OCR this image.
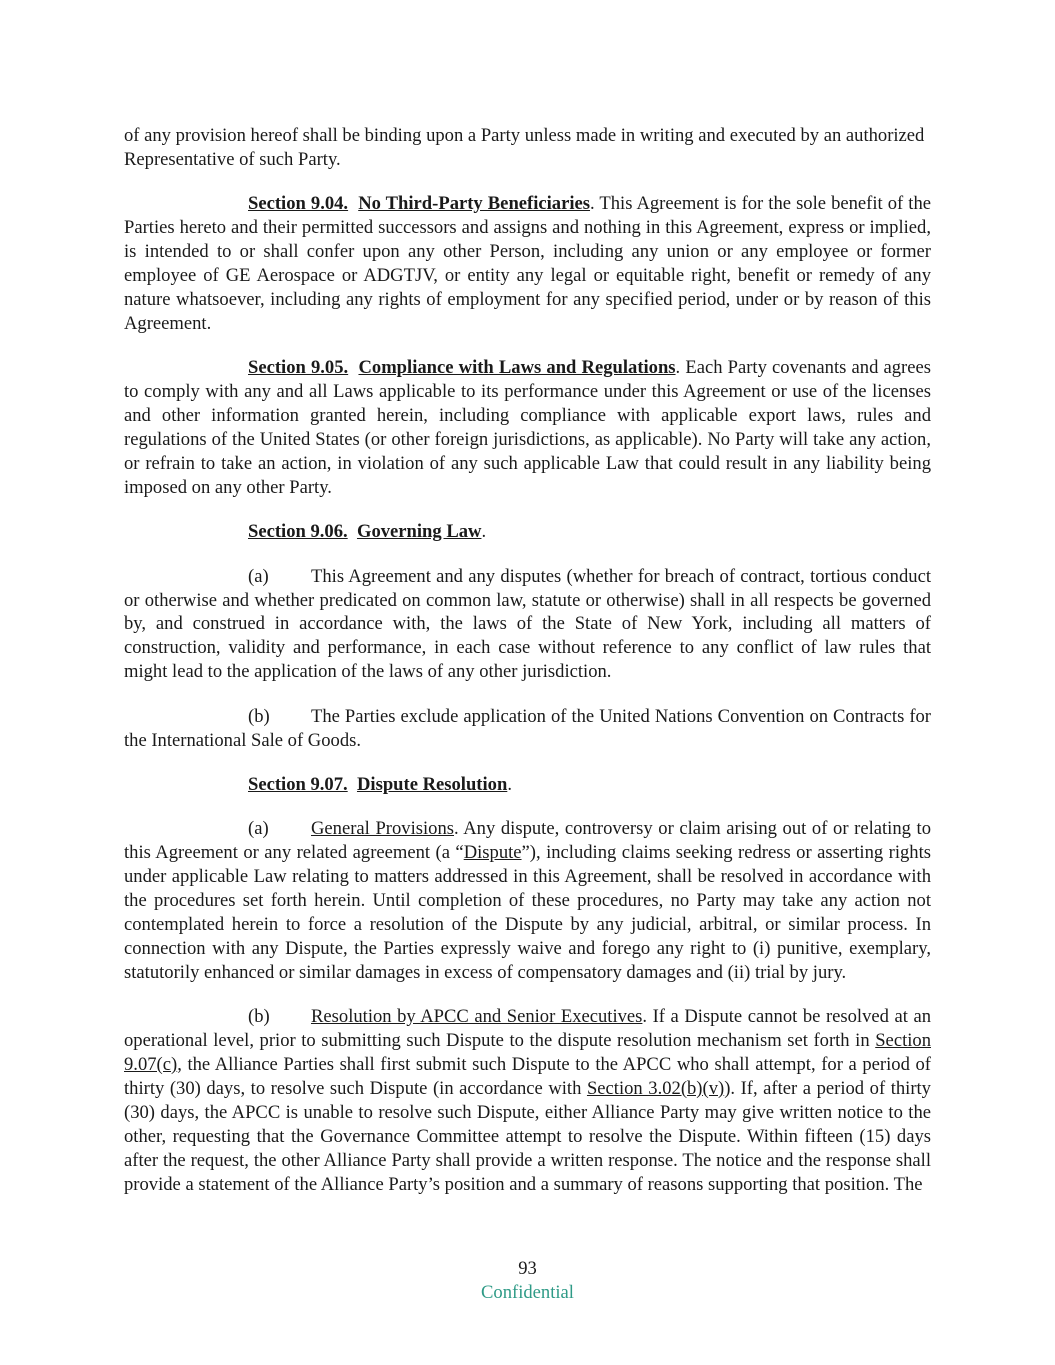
of any provision hereof shall be binding upon a Party unless made in writing and executed by an authorized Representative of such Party.

Section 9.04. No Third-Party Beneficiaries. This Agreement is for the sole benefit of the Parties hereto and their permitted successors and assigns and nothing in this Agreement, express or implied, is intended to or shall confer upon any other Person, including any union or any employee or former employee of GE Aerospace or ADGTJV, or entity any legal or equitable right, benefit or remedy of any nature whatsoever, including any rights of employment for any specified period, under or by reason of this Agreement.

Section 9.05. Compliance with Laws and Regulations. Each Party covenants and agrees to comply with any and all Laws applicable to its performance under this Agreement or use of the licenses and other information granted herein, including compliance with applicable export laws, rules and regulations of the United States (or other foreign jurisdictions, as applicable). No Party will take any action, or refrain to take an action, in violation of any such applicable Law that could result in any liability being imposed on any other Party.

Section 9.06. Governing Law.

(a) This Agreement and any disputes (whether for breach of contract, tortious conduct or otherwise and whether predicated on common law, statute or otherwise) shall in all respects be governed by, and construed in accordance with, the laws of the State of New York, including all matters of construction, validity and performance, in each case without reference to any conflict of law rules that might lead to the application of the laws of any other jurisdiction.

(b) The Parties exclude application of the United Nations Convention on Contracts for the International Sale of Goods.

Section 9.07. Dispute Resolution.

(a) General Provisions. Any dispute, controversy or claim arising out of or relating to this Agreement or any related agreement (a “Dispute”), including claims seeking redress or asserting rights under applicable Law relating to matters addressed in this Agreement, shall be resolved in accordance with the procedures set forth herein. Until completion of these procedures, no Party may take any action not contemplated herein to force a resolution of the Dispute by any judicial, arbitral, or similar process. In connection with any Dispute, the Parties expressly waive and forego any right to (i) punitive, exemplary, statutorily enhanced or similar damages in excess of compensatory damages and (ii) trial by jury.

(b) Resolution by APCC and Senior Executives. If a Dispute cannot be resolved at an operational level, prior to submitting such Dispute to the dispute resolution mechanism set forth in Section 9.07(c), the Alliance Parties shall first submit such Dispute to the APCC who shall attempt, for a period of thirty (30) days, to resolve such Dispute (in accordance with Section 3.02(b)(v)). If, after a period of thirty (30) days, the APCC is unable to resolve such Dispute, either Alliance Party may give written notice to the other, requesting that the Governance Committee attempt to resolve the Dispute. Within fifteen (15) days after the request, the other Alliance Party shall provide a written response. The notice and the response shall provide a statement of the Alliance Party’s position and a summary of reasons supporting that position. The

93
Confidential
